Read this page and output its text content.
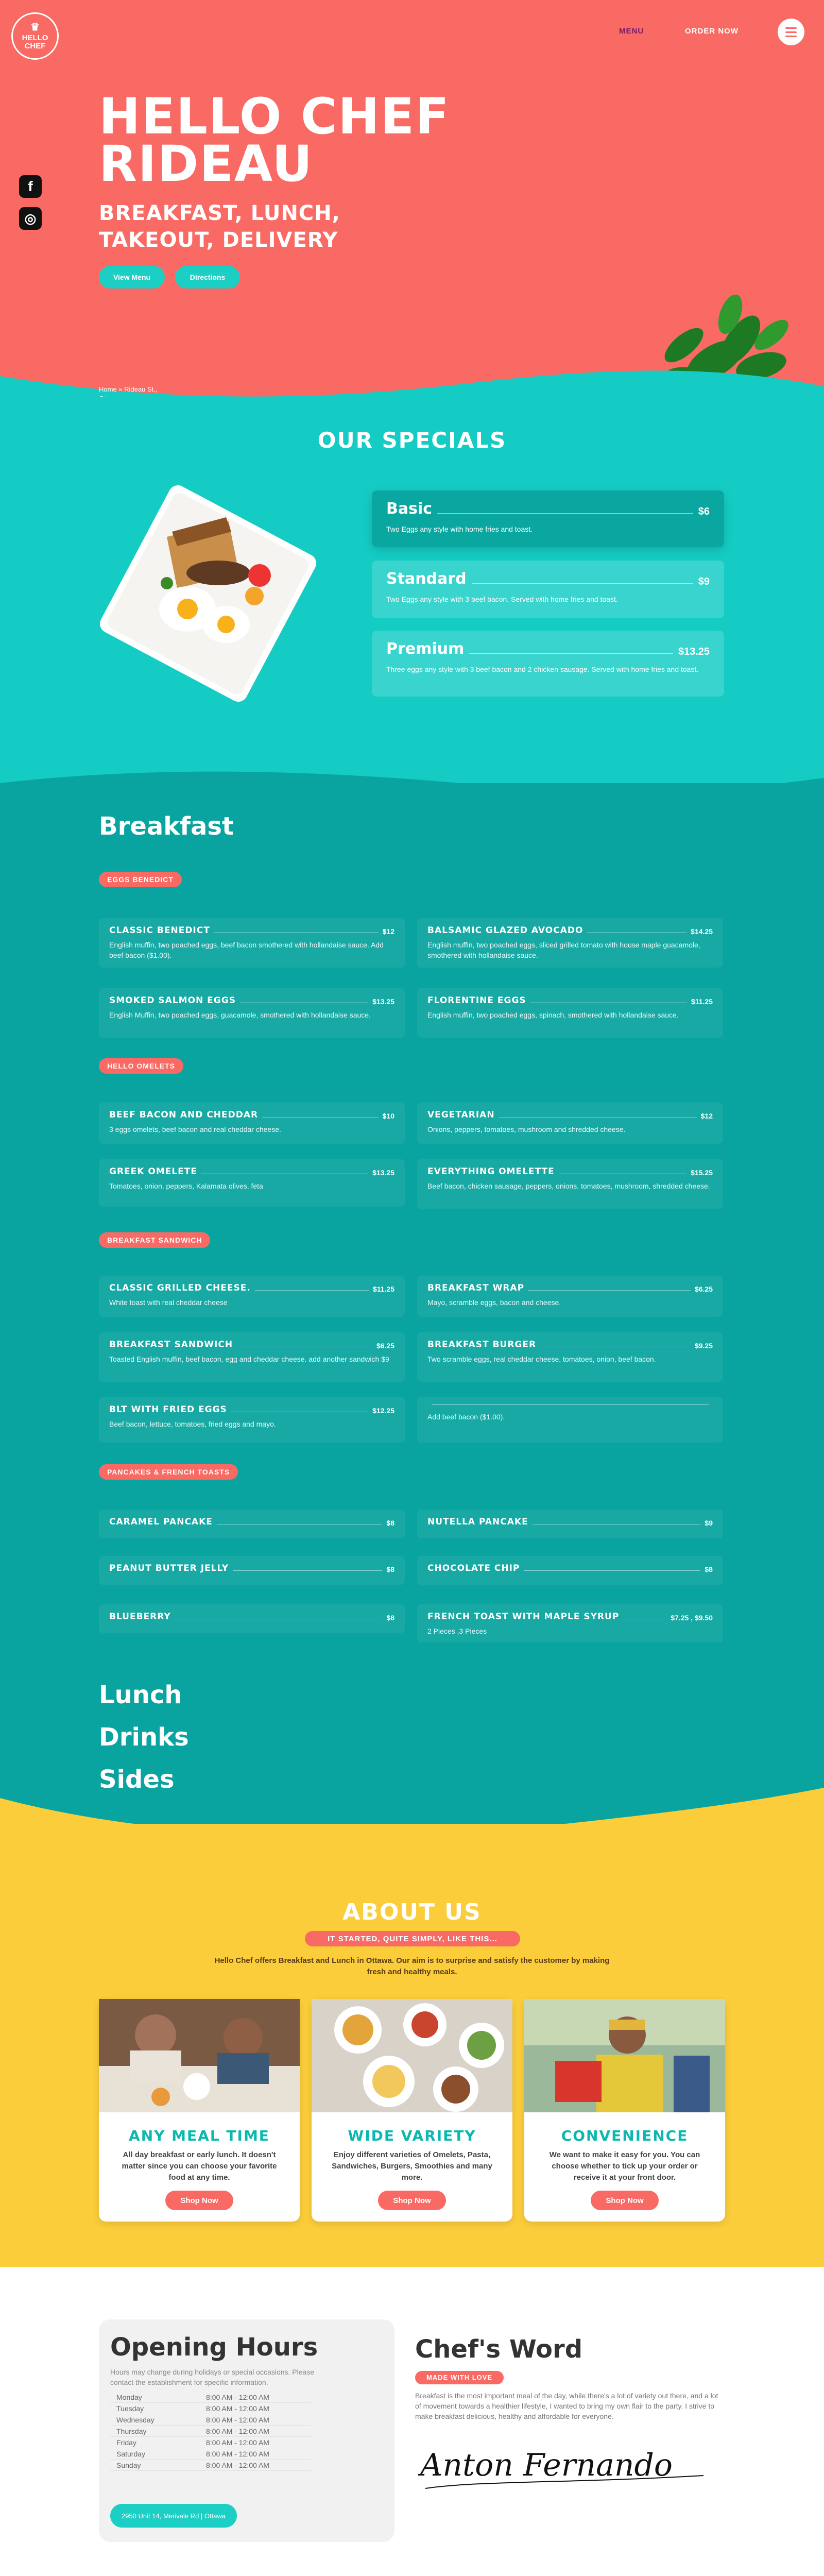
♛
HELLO
CHEF
MENU	ORDER NOW
f
◎
HELLO CHEF RIDEAU
BREAKFAST, LUNCH, TAKEOUT, DELIVERY
View Menu	Directions
Home » Rideau St.,

OUR SPECIALS
Basic	$6
Two Eggs any style with home fries and toast.
Standard	$9
Two Eggs any style with 3 beef bacon. Served with home fries and toast.
Premium	$13.25
Three eggs any style with 3 beef bacon and 2 chicken sausage. Served with home fries and toast.
Breakfast
EGGS BENEDICT
CLASSIC BENEDICT	$12
English muffin, two poached eggs, beef bacon smothered with hollandaise sauce. Add beef bacon ($1.00).
BALSAMIC GLAZED AVOCADO	$14.25
English muffin, two poached eggs, sliced grilled tomato with house maple guacamole, smothered with hollandaise sauce.
SMOKED SALMON EGGS	$13.25
English Muffin, two poached eggs, guacamole, smothered with hollandaise sauce.
FLORENTINE EGGS	$11.25
English muffin, two poached eggs, spinach, smothered with hollandaise sauce.
HELLO OMELETS
BEEF BACON AND CHEDDAR	$10
3 eggs omelets, beef bacon and real cheddar cheese.
VEGETARIAN	$12
Onions, peppers, tomatoes, mushroom and shredded cheese.
GREEK OMELETE	$13.25
Tomatoes, onion, peppers, Kalamata olives, feta
EVERYTHING OMELETTE	$15.25
Beef bacon, chicken sausage, peppers, onions, tomatoes, mushroom, shredded cheese.
BREAKFAST SANDWICH
CLASSIC GRILLED CHEESE.	$11.25
White toast with real cheddar cheese
BREAKFAST WRAP	$6.25
Mayo, scramble eggs, bacon and cheese.
BREAKFAST SANDWICH	$6.25
Toasted English muffin, beef bacon, egg and cheddar cheese. add another sandwich $9
BREAKFAST BURGER	$9.25
Two scramble eggs, real cheddar cheese, tomatoes, onion, beef bacon.
BLT WITH FRIED EGGS	$12.25
Beef bacon, lettuce, tomatoes, fried eggs and mayo.
Add beef bacon ($1.00).
PANCAKES & FRENCH TOASTS
CARAMEL PANCAKE	$8	NUTELLA PANCAKE	$9
PEANUT BUTTER JELLY	$8	CHOCOLATE CHIP	$8
BLUEBERRY	$8	FRENCH TOAST WITH MAPLE SYRUP	$7.25 , $9.50
2 Pieces ,3 Pieces
Lunch
Drinks
Sides
ABOUT US
IT STARTED, QUITE SIMPLY, LIKE THIS...

Hello Chef offers Breakfast and Lunch in Ottawa. Our aim is to surprise and satisfy the customer by making fresh and healthy meals.

ANY MEAL TIME
All day breakfast or early lunch. It doesn't matter since you can choose your favorite food at any time.
Shop Now
WIDE VARIETY
Enjoy different varieties of Omelets, Pasta, Sandwiches, Burgers, Smoothies and many more.
Shop Now
CONVENIENCE
We want to make it easy for you. You can choose whether to tick up your order or receive it at your front door.
Shop Now
Opening Hours

Hours may change during holidays or special occasions. Please contact the establishment for specific information.

Monday	8:00 AM - 12:00 AM
Tuesday	8:00 AM - 12:00 AM
Wednesday	8:00 AM - 12:00 AM
Thursday	8:00 AM - 12:00 AM
Friday	8:00 AM - 12:00 AM
Saturday	8:00 AM - 12:00 AM
Sunday	8:00 AM - 12:00 AM
2950 Unit 14, Merivale Rd | Ottawa
Chef's Word
MADE WITH LOVE

Breakfast is the most important meal of the day, while there's a lot of variety out there, and a lot of movement towards a healthier lifestyle, I wanted to bring my own flair to the party. I strive to make breakfast delicious, healthy and affordable for everyone.

Anton Fernando
